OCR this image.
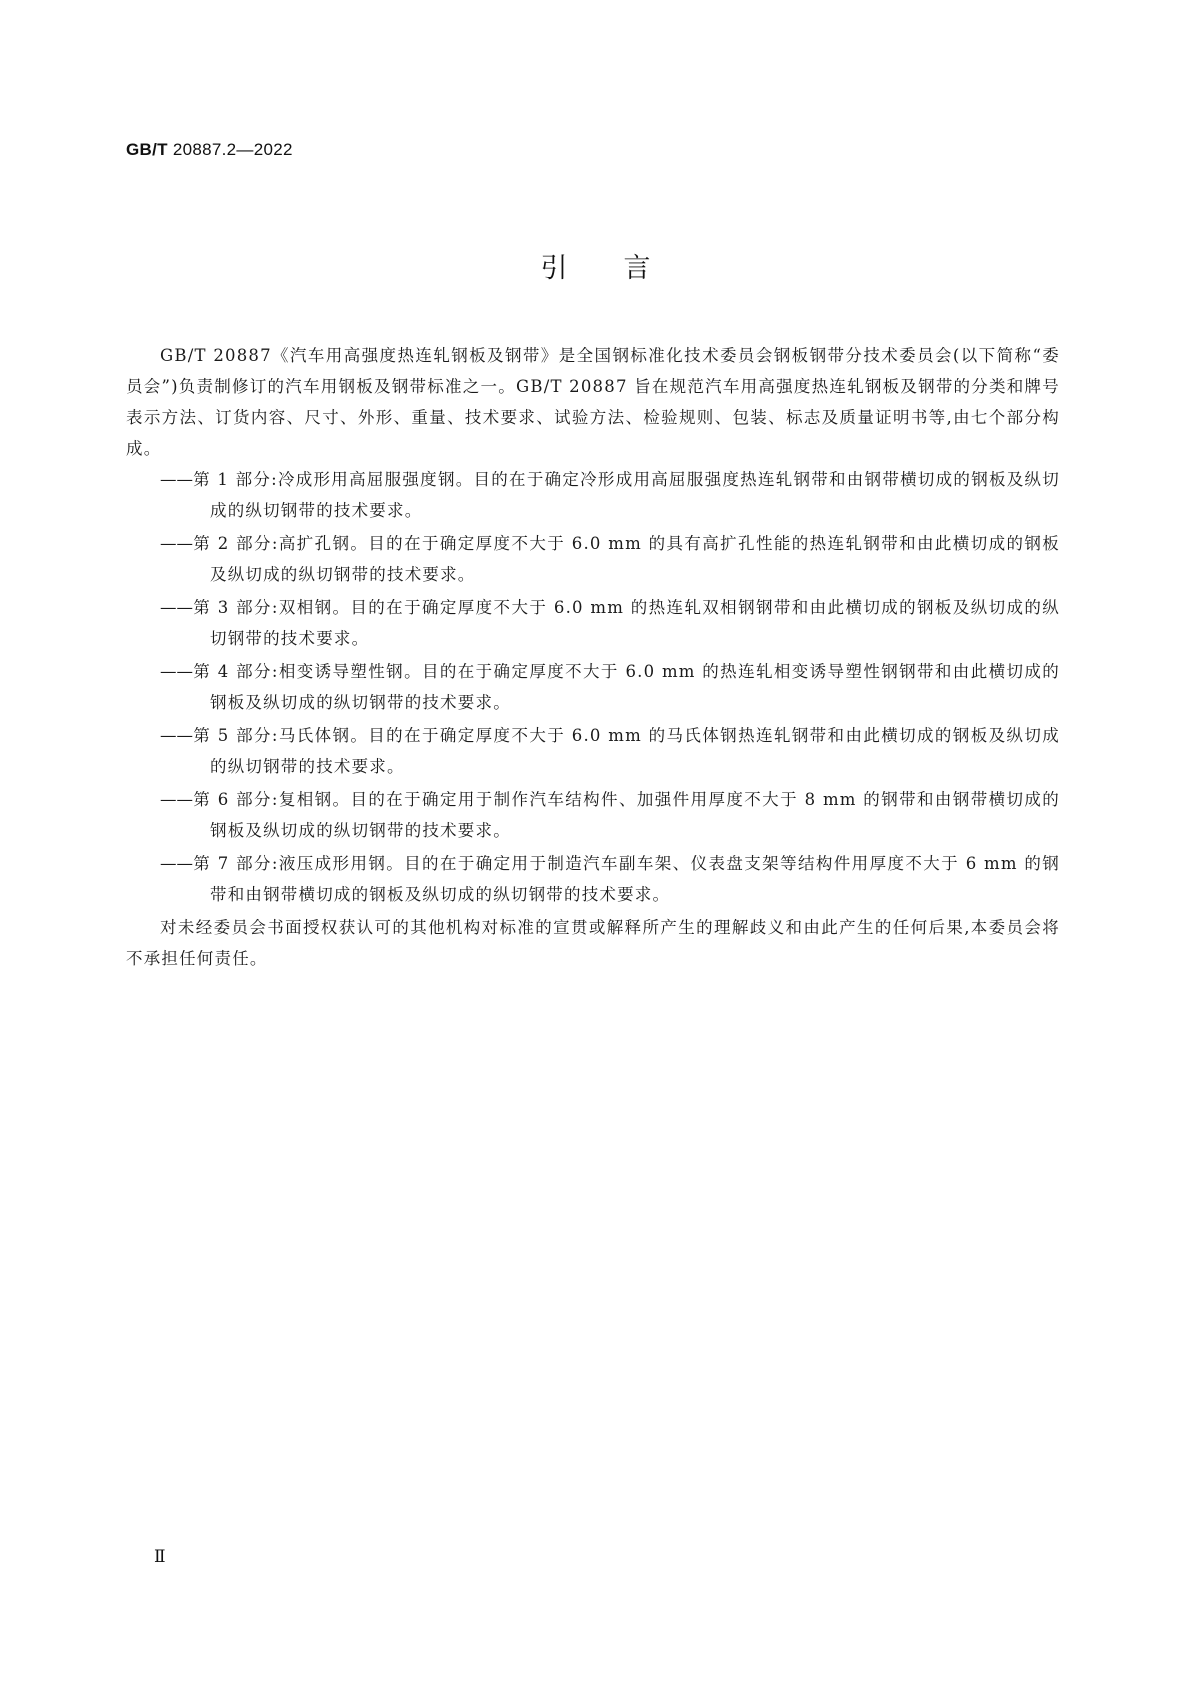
GB/T 20887.2—2022
引言

GB/T 20887《汽车用高强度热连轧钢板及钢带》是全国钢标准化技术委员会钢板钢带分技术委员会(以下简称“委员会”)负责制修订的汽车用钢板及钢带标准之一。GB/T 20887 旨在规范汽车用高强度热连轧钢板及钢带的分类和牌号表示方法、订货内容、尺寸、外形、重量、技术要求、试验方法、检验规则、包装、标志及质量证明书等,由七个部分构成。

——第 1 部分:冷成形用高屈服强度钢。目的在于确定冷形成用高屈服强度热连轧钢带和由钢带横切成的钢板及纵切成的纵切钢带的技术要求。

——第 2 部分:高扩孔钢。目的在于确定厚度不大于 6.0 mm 的具有高扩孔性能的热连轧钢带和由此横切成的钢板及纵切成的纵切钢带的技术要求。

——第 3 部分:双相钢。目的在于确定厚度不大于 6.0 mm 的热连轧双相钢钢带和由此横切成的钢板及纵切成的纵切钢带的技术要求。

——第 4 部分:相变诱导塑性钢。目的在于确定厚度不大于 6.0 mm 的热连轧相变诱导塑性钢钢带和由此横切成的钢板及纵切成的纵切钢带的技术要求。

——第 5 部分:马氏体钢。目的在于确定厚度不大于 6.0 mm 的马氏体钢热连轧钢带和由此横切成的钢板及纵切成的纵切钢带的技术要求。

——第 6 部分:复相钢。目的在于确定用于制作汽车结构件、加强件用厚度不大于 8 mm 的钢带和由钢带横切成的钢板及纵切成的纵切钢带的技术要求。

——第 7 部分:液压成形用钢。目的在于确定用于制造汽车副车架、仪表盘支架等结构件用厚度不大于 6 mm 的钢带和由钢带横切成的钢板及纵切成的纵切钢带的技术要求。

对未经委员会书面授权获认可的其他机构对标准的宣贯或解释所产生的理解歧义和由此产生的任何后果,本委员会将不承担任何责任。

Ⅱ
